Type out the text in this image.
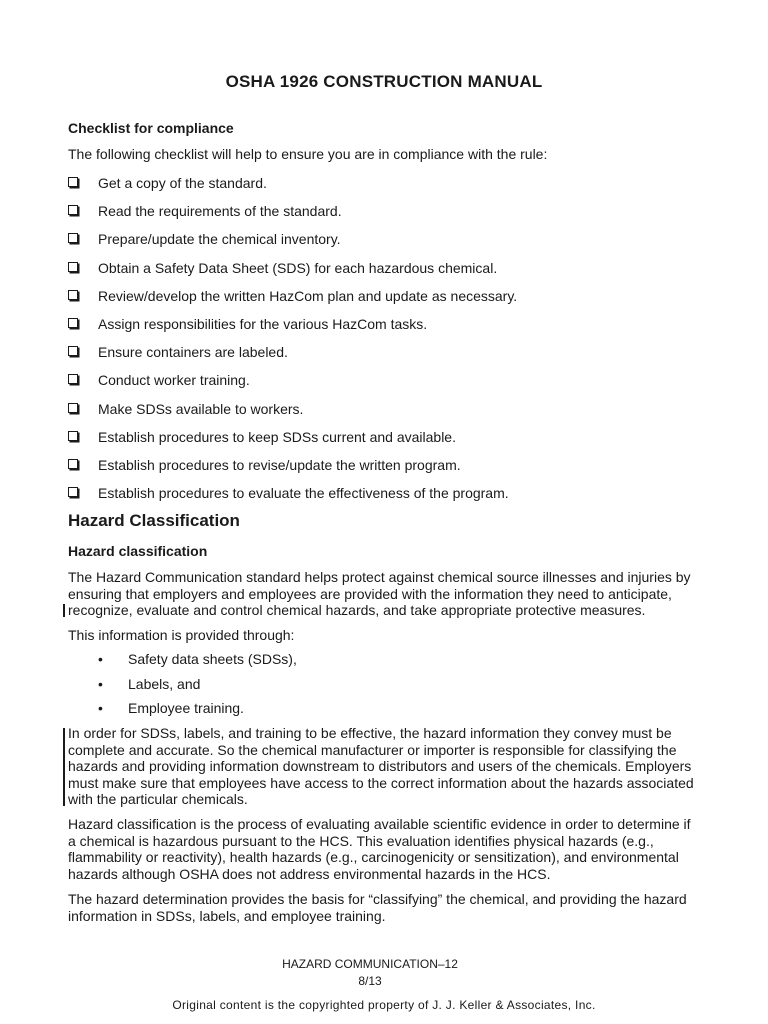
OSHA 1926 CONSTRUCTION MANUAL
Checklist for compliance

The following checklist will help to ensure you are in compliance with the rule:

Get a copy of the standard.
Read the requirements of the standard.
Prepare/update the chemical inventory.
Obtain a Safety Data Sheet (SDS) for each hazardous chemical.
Review/develop the written HazCom plan and update as necessary.
Assign responsibilities for the various HazCom tasks.
Ensure containers are labeled.
Conduct worker training.
Make SDSs available to workers.
Establish procedures to keep SDSs current and available.
Establish procedures to revise/update the written program.
Establish procedures to evaluate the effectiveness of the program.
Hazard Classification
Hazard classification

The Hazard Communication standard helps protect against chemical source illnesses and injuries by ensuring that employers and employees are provided with the information they need to anticipate, recognize, evaluate and control chemical hazards, and take appropriate protective measures.

This information is provided through:

•	Safety data sheets (SDSs),
•	Labels, and
•	Employee training.

In order for SDSs, labels, and training to be effective, the hazard information they convey must be complete and accurate. So the chemical manufacturer or importer is responsible for classifying the hazards and providing information downstream to distributors and users of the chemicals. Employers must make sure that employees have access to the correct information about the hazards associated with the particular chemicals.

Hazard classification is the process of evaluating available scientific evidence in order to determine if a chemical is hazardous pursuant to the HCS. This evaluation identifies physical hazards (e.g., flammability or reactivity), health hazards (e.g., carcinogenicity or sensitization), and environmental hazards although OSHA does not address environmental hazards in the HCS.

The hazard determination provides the basis for “classifying” the chemical, and providing the hazard information in SDSs, labels, and employee training.

HAZARD COMMUNICATION–12
8/13
Original content is the copyrighted property of J. J. Keller & Associates, Inc.
